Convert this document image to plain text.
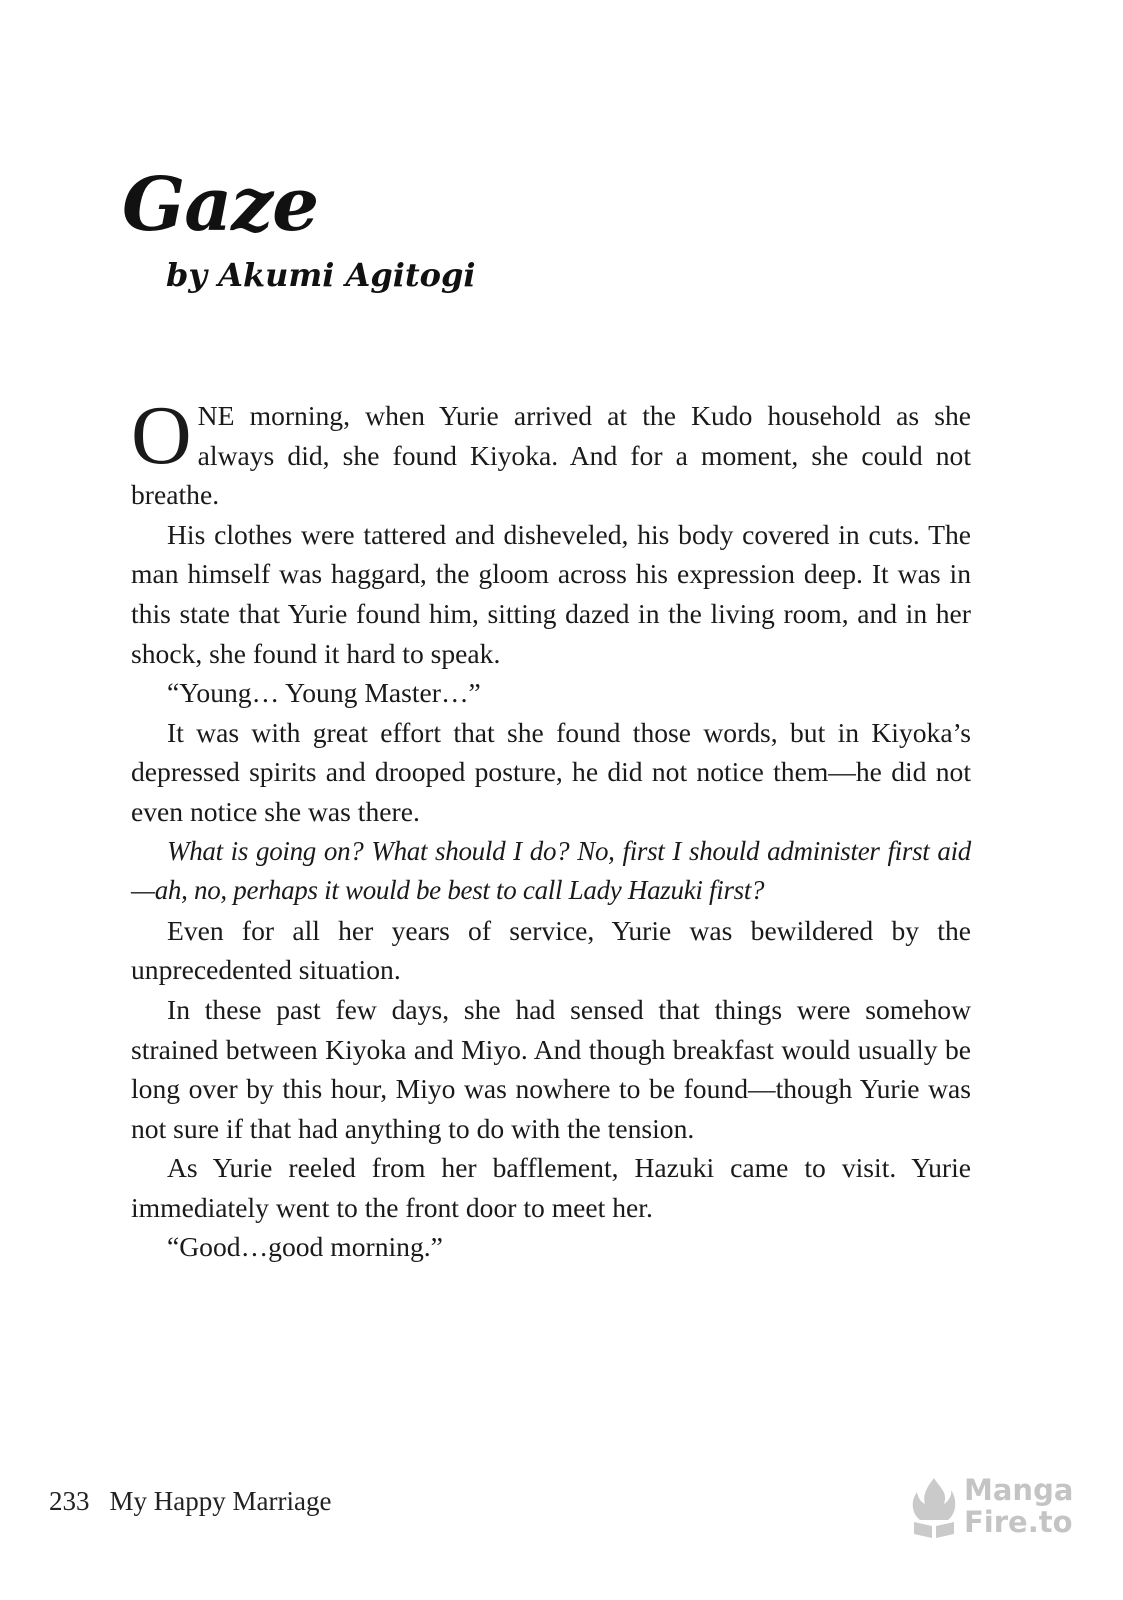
Gaze
by Akumi Agitogi

ONE morning, when Yurie arrived at the Kudo household as she always did, she found Kiyoka. And for a moment, she could not breathe.

His clothes were tattered and disheveled, his body covered in cuts. The man himself was haggard, the gloom across his expression deep. It was in this state that Yurie found him, sitting dazed in the living room, and in her shock, she found it hard to speak.

“Young… Young Master…”

It was with great effort that she found those words, but in Kiyoka’s depressed spirits and drooped posture, he did not notice them—he did not even notice she was there.

What is going on? What should I do? No, first I should administer first aid—ah, no, perhaps it would be best to call Lady Hazuki first?

Even for all her years of service, Yurie was bewildered by the unprecedented situation.

In these past few days, she had sensed that things were somehow strained between Kiyoka and Miyo. And though breakfast would usually be long over by this hour, Miyo was nowhere to be found—though Yurie was not sure if that had anything to do with the tension.

As Yurie reeled from her bafflement, Hazuki came to visit. Yurie immediately went to the front door to meet her.

“Good…good morning.”

233 My Happy Marriage	Manga
Fire.to
